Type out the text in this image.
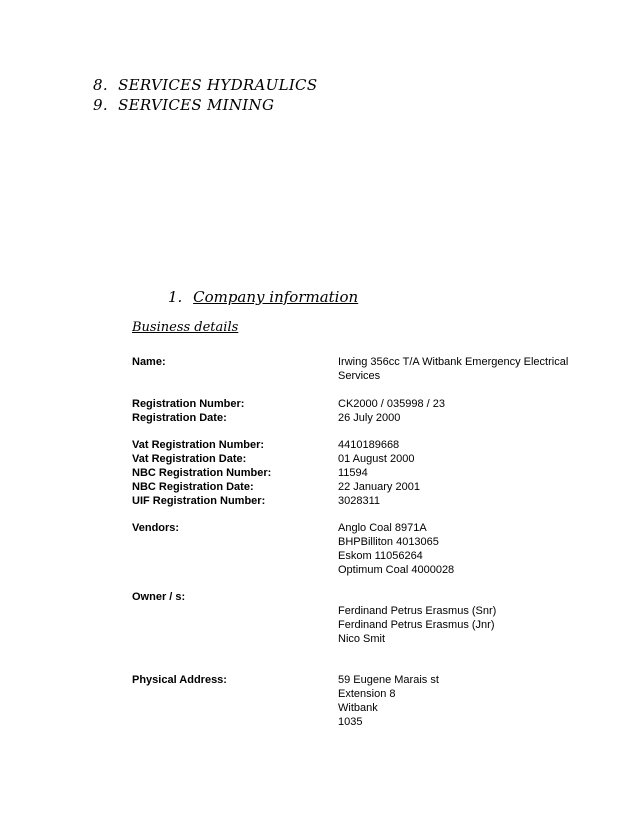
8. SERVICES HYDRAULICS
9. SERVICES MINING
1. Company information
Business details
Name:	Irwing 356cc T/A Witbank Emergency Electrical
Services
Registration Number:	CK2000 / 035998 / 23
Registration Date:	26 July 2000
Vat Registration Number:	4410189668
Vat Registration Date:	01 August 2000
NBC Registration Number:	11594
NBC Registration Date:	22 January 2001
UIF Registration Number:	3028311
Vendors:	Anglo Coal 8971A
BHPBilliton 4013065
Eskom 11056264
Optimum Coal 4000028
Owner / s:
Ferdinand Petrus Erasmus (Snr)
Ferdinand Petrus Erasmus (Jnr)
Nico Smit
Physical Address:	59 Eugene Marais st
Extension 8
Witbank
1035
